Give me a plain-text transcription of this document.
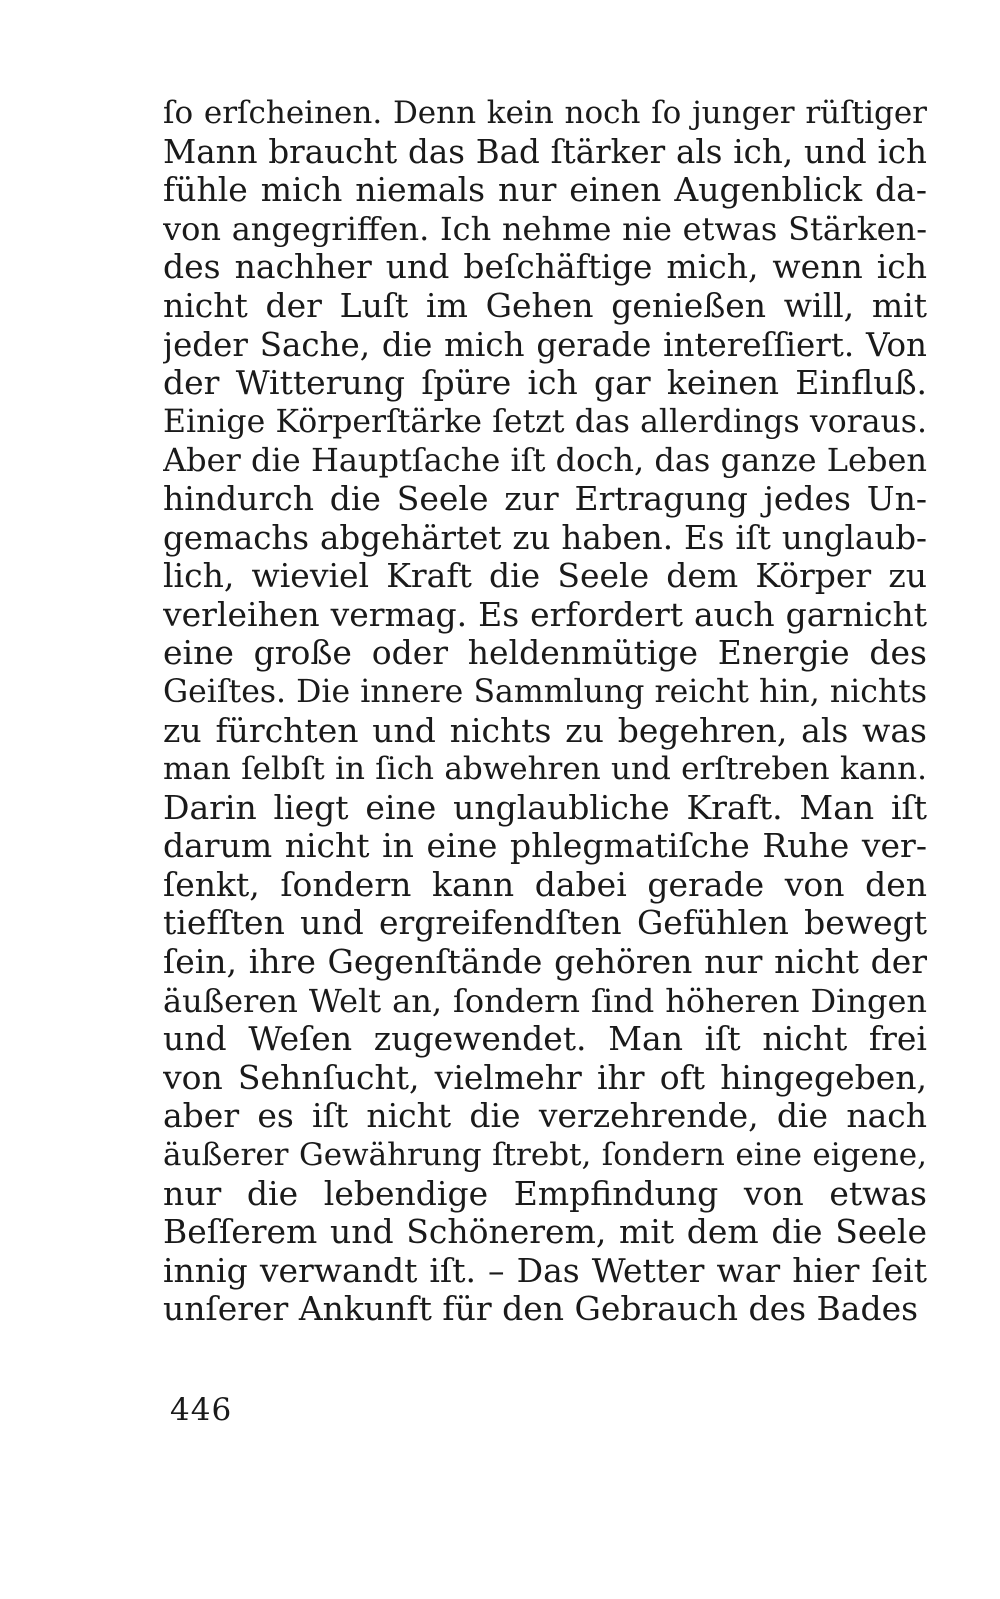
ſo erſcheinen. Denn kein noch ſo junger rüſtiger
Mann braucht das Bad ſtärker als ich, und ich
fühle mich niemals nur einen Augenblick da-
von angegriffen. Ich nehme nie etwas Stärken-
des nachher und beſchäftige mich, wenn ich
nicht der Luſt im Gehen genießen will, mit
jeder Sache, die mich gerade intereſſiert. Von
der Witterung ſpüre ich gar keinen Einfluß.
Einige Körperſtärke ſetzt das allerdings voraus.
Aber die Hauptſache iſt doch, das ganze Leben
hindurch die Seele zur Ertragung jedes Un-
gemachs abgehärtet zu haben. Es iſt unglaub-
lich, wieviel Kraft die Seele dem Körper zu
verleihen vermag. Es erfordert auch garnicht
eine große oder heldenmütige Energie des
Geiſtes. Die innere Sammlung reicht hin, nichts
zu fürchten und nichts zu begehren, als was
man ſelbſt in ſich abwehren und erſtreben kann.
Darin liegt eine unglaubliche Kraft. Man iſt
darum nicht in eine phlegmatiſche Ruhe ver-
ſenkt, ſondern kann dabei gerade von den
tiefſten und ergreifendſten Gefühlen bewegt
ſein, ihre Gegenſtände gehören nur nicht der
äußeren Welt an, ſondern ſind höheren Dingen
und Weſen zugewendet. Man iſt nicht frei
von Sehnſucht, vielmehr ihr oft hingegeben,
aber es iſt nicht die verzehrende, die nach
äußerer Gewährung ſtrebt, ſondern eine eigene,
nur die lebendige Empfindung von etwas
Beſſerem und Schönerem, mit dem die Seele
innig verwandt iſt. – Das Wetter war hier ſeit
unſerer Ankunft für den Gebrauch des Bades
446
